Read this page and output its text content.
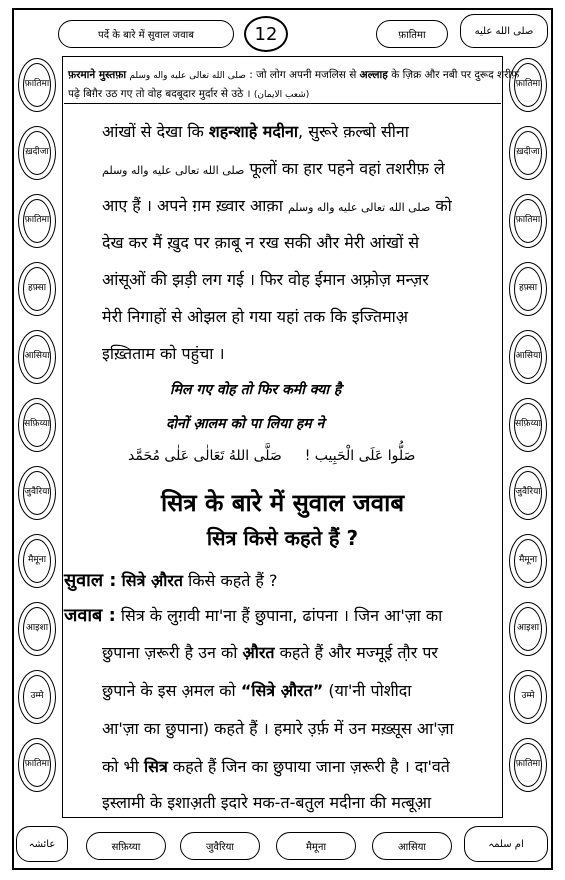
पर्दे के बारे में सुवाल जवाब	12	फ़ातिमा	صلى الله عليه
फ़ातिमा
ख़दीजा
फ़ातिमा
हफ़्सा
आसिया
सफ़िय्या
जुवैरिया
मैमूना
आइशा
उम्मे
फ़ातिमा
फ़ातिमा
ख़दीजा
फ़ातिमा
हफ़्सा
आसिया
सफ़िय्या
जुवैरिया
मैमूना
आइशा
उम्मे
फ़ातिमा
عائشہ	सफ़िय्या	जुवैरिया	मैमूना	आसिया	ام سلمہ
फ़रमाने मुस्तफ़ा صلى الله تعالى عليه واله وسلم : जो लोग अपनी मजलिस से अल्लाह के ज़िक्र और नबी पर दुरूद शरीफ़
पढ़े बिग़ैर उठ गए तो वोह बदबूदार मुर्दार से उठे । (شعب الایمان)
आंखों से देखा कि शहन्शाहे मदीना, सुरूरे क़ल्बो सीना
صلى الله تعالى عليه واله وسلم फूलों का हार पहने वहां तशरीफ़ ले
आए हैं । अपने ग़म ख़्वार आक़ा صلى الله تعالى عليه واله وسلم को
देख कर मैं ख़ुद पर क़ाबू न रख सकी और मेरी आंखों से
आंसूओं की झड़ी लग गई । फिर वोह ईमान अफ़्रोज़ मन्ज़र
मेरी निगाहों से ओझल हो गया यहां तक कि इज्तिमाअ़
इख़्तिताम को पहुंचा ।
मिल गए वोह तो फिर कमी क्या है
दोनों आ़लम को पा लिया हम ने
صَلُّوا عَلَى الْحَبِيب !  صَلَّى اللهُ تَعَالٰى عَلٰى مُحَمَّد
सित्र के बारे में सुवाल जवाब
सित्र किसे कहते हैं ?
सुवाल : सित्रे औ़रत किसे कहते हैं ?
जवाब : सित्र के लुग़वी मा'ना हैं छुपाना, ढांपना । जिन आ'ज़ा का
छुपाना ज़रूरी है उन को औ़रत कहते हैं और मज्मूई तौ़र पर
छुपाने के इस अ़मल को “सित्रे औ़रत” (या'नी पोशीदा
आ'ज़ा का छुपाना) कहते हैं । हमारे उ़र्फ़ में उन मख़्सूस आ'ज़ा
को भी सित्र कहते हैं जिन का छुपाया जाना ज़रूरी है । दा'वते
इस्लामी के इशाअ़ती इदारे मक-त-बतुल मदीना की मत्बूआ़
